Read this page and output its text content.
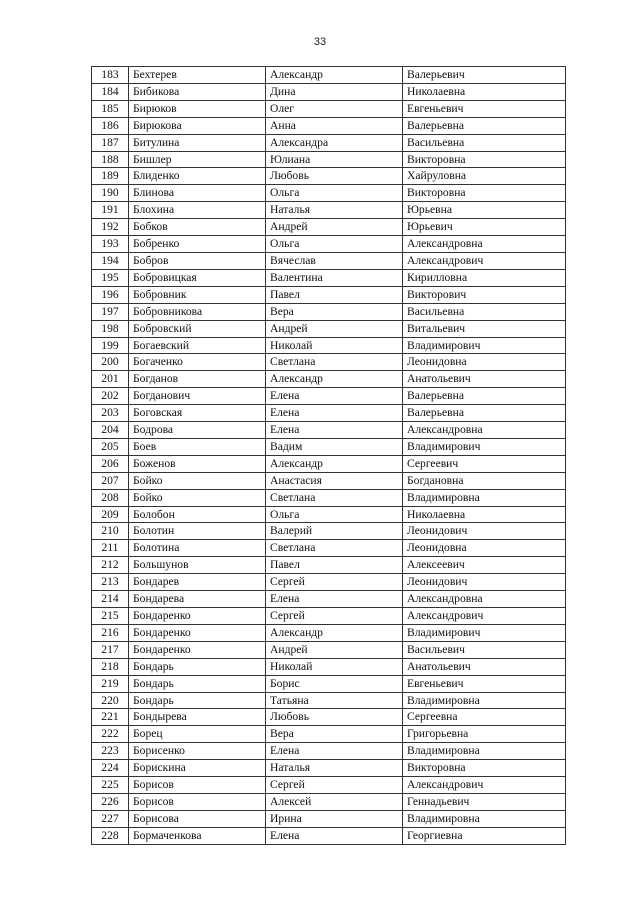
33
183	Бехтерев	Александр	Валерьевич
184	Бибикова	Дина	Николаевна
185	Бирюков	Олег	Евгеньевич
186	Бирюкова	Анна	Валерьевна
187	Битулина	Александра	Васильевна
188	Бишлер	Юлиана	Викторовна
189	Блиденко	Любовь	Хайруловна
190	Блинова	Ольга	Викторовна
191	Блохина	Наталья	Юрьевна
192	Бобков	Андрей	Юрьевич
193	Бобренко	Ольга	Александровна
194	Бобров	Вячеслав	Александрович
195	Бобровицкая	Валентина	Кирилловна
196	Бобровник	Павел	Викторович
197	Бобровникова	Вера	Васильевна
198	Бобровский	Андрей	Витальевич
199	Богаевский	Николай	Владимирович
200	Богаченко	Светлана	Леонидовна
201	Богданов	Александр	Анатольевич
202	Богданович	Елена	Валерьевна
203	Боговская	Елена	Валерьевна
204	Бодрова	Елена	Александровна
205	Боев	Вадим	Владимирович
206	Боженов	Александр	Сергеевич
207	Бойко	Анастасия	Богдановна
208	Бойко	Светлана	Владимировна
209	Болобон	Ольга	Николаевна
210	Болотин	Валерий	Леонидович
211	Болотина	Светлана	Леонидовна
212	Большунов	Павел	Алексеевич
213	Бондарев	Сергей	Леонидович
214	Бондарева	Елена	Александровна
215	Бондаренко	Сергей	Александрович
216	Бондаренко	Александр	Владимирович
217	Бондаренко	Андрей	Васильевич
218	Бондарь	Николай	Анатольевич
219	Бондарь	Борис	Евгеньевич
220	Бондарь	Татьяна	Владимировна
221	Бондырева	Любовь	Сергеевна
222	Борец	Вера	Григорьевна
223	Борисенко	Елена	Владимировна
224	Борискина	Наталья	Викторовна
225	Борисов	Сергей	Александрович
226	Борисов	Алексей	Геннадьевич
227	Борисова	Ирина	Владимировна
228	Бормаченкова	Елена	Георгиевна
